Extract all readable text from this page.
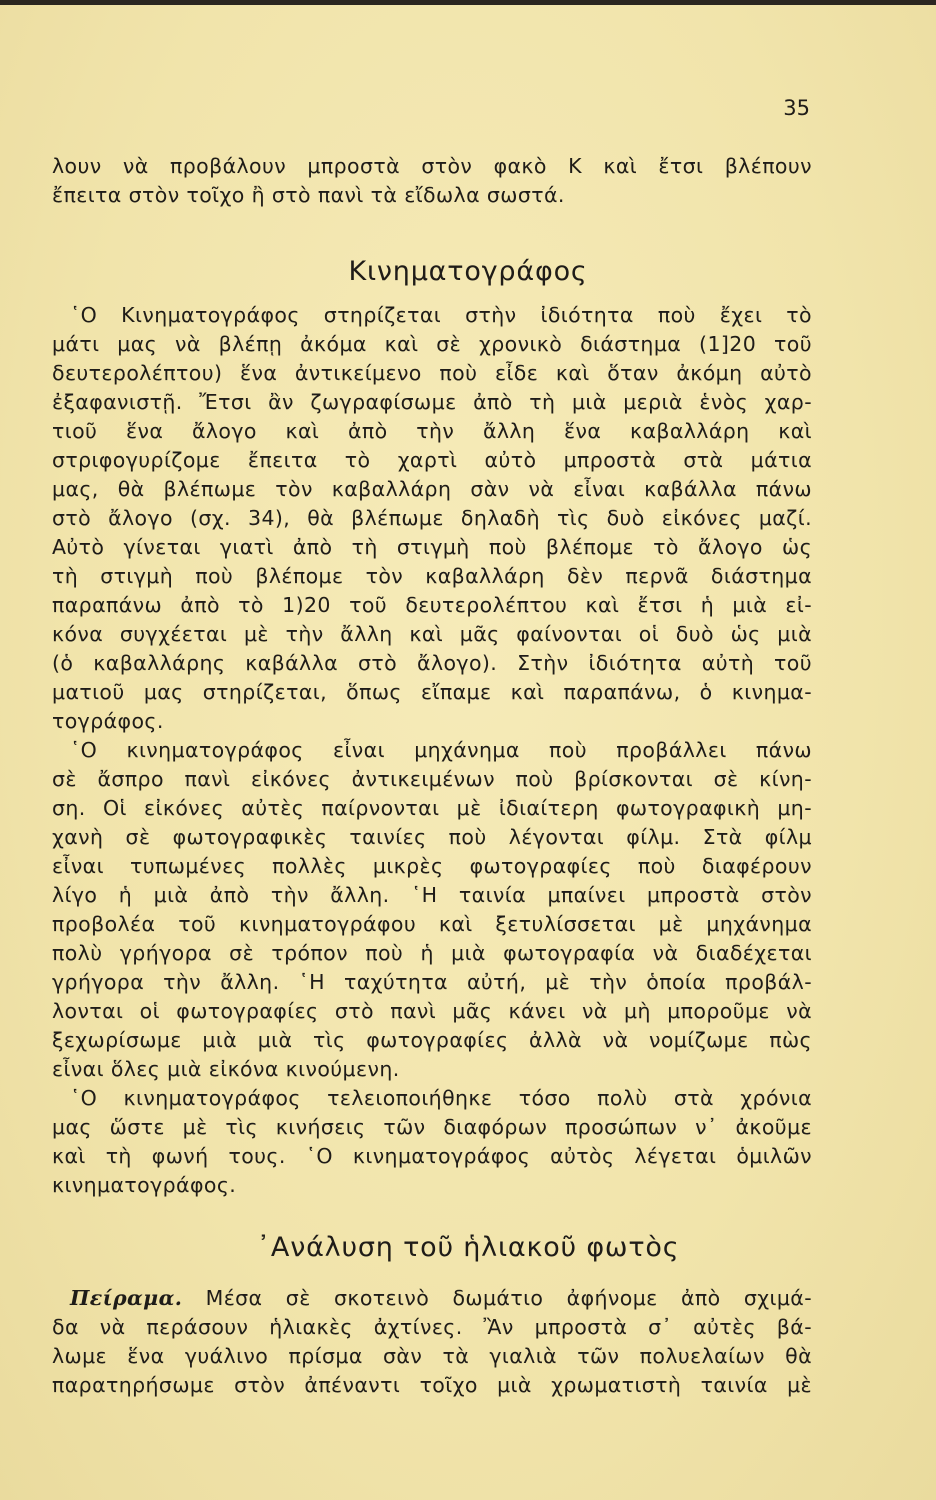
35
λουν νὰ προβάλουν μπροστὰ στὸν φακὸ Κ καὶ ἔτσι βλέπουν
ἔπειτα στὸν τοῖχο ἢ στὸ πανὶ τὰ εἴδωλα σωστά.
Κινηματογράφος
῾Ο Κινηματογράφος στηρίζεται στὴν ἰδιότητα ποὺ ἔχει τὸ
μάτι μας νὰ βλέπῃ ἀκόμα καὶ σὲ χρονικὸ διάστημα (1]20 τοῦ
δευτερολέπτου) ἕνα ἀντικείμενο ποὺ εἶδε καὶ ὅταν ἀκόμη αὐτὸ
ἐξαφανιστῇ. Ἔτσι ἂν ζωγραφίσωμε ἀπὸ τὴ μιὰ μεριὰ ἑνὸς χαρ-
τιοῦ ἕνα ἄλογο καὶ ἀπὸ τὴν ἄλλη ἕνα καβαλλάρη καὶ
στριφογυρίζομε ἔπειτα τὸ χαρτὶ αὐτὸ μπροστὰ στὰ μάτια
μας, θὰ βλέπωμε τὸν καβαλλάρη σὰν νὰ εἶναι καβάλλα πάνω
στὸ ἄλογο (σχ. 34), θὰ βλέπωμε δηλαδὴ τὶς δυὸ εἰκόνες μαζί.
Αὐτὸ γίνεται γιατὶ ἀπὸ τὴ στιγμὴ ποὺ βλέπομε τὸ ἄλογο ὡς
τὴ στιγμὴ ποὺ βλέπομε τὸν καβαλλάρη δὲν περνᾶ διάστημα
παραπάνω ἀπὸ τὸ 1)20 τοῦ δευτερολέπτου καὶ ἔτσι ἡ μιὰ εἰ-
κόνα συγχέεται μὲ τὴν ἄλλη καὶ μᾶς φαίνονται οἱ δυὸ ὡς μιὰ
(ὁ καβαλλάρης καβάλλα στὸ ἄλογο). Στὴν ἰδιότητα αὐτὴ τοῦ
ματιοῦ μας στηρίζεται, ὅπως εἴπαμε καὶ παραπάνω, ὁ κινημα-
τογράφος.
῾Ο κινηματογράφος εἶναι μηχάνημα ποὺ προβάλλει πάνω
σὲ ἄσπρο πανὶ εἰκόνες ἀντικειμένων ποὺ βρίσκονται σὲ κίνη-
ση. Οἱ εἰκόνες αὐτὲς παίρνονται μὲ ἰδιαίτερη φωτογραφικὴ μη-
χανὴ σὲ φωτογραφικὲς ταινίες ποὺ λέγονται φίλμ. Στὰ φίλμ
εἶναι τυπωμένες πολλὲς μικρὲς φωτογραφίες ποὺ διαφέρουν
λίγο ἡ μιὰ ἀπὸ τὴν ἄλλη. ῾Η ταινία μπαίνει μπροστὰ στὸν
προβολέα τοῦ κινηματογράφου καὶ ξετυλίσσεται μὲ μηχάνημα
πολὺ γρήγορα σὲ τρόπον ποὺ ἡ μιὰ φωτογραφία νὰ διαδέχεται
γρήγορα τὴν ἄλλη. ῾Η ταχύτητα αὐτή, μὲ τὴν ὁποία προβάλ-
λονται οἱ φωτογραφίες στὸ πανὶ μᾶς κάνει νὰ μὴ μποροῦμε νὰ
ξεχωρίσωμε μιὰ μιὰ τὶς φωτογραφίες ἀλλὰ νὰ νομίζωμε πὼς
εἶναι ὅλες μιὰ εἰκόνα κινούμενη.
῾Ο κινηματογράφος τελειοποιήθηκε τόσο πολὺ στὰ χρόνια
μας ὥστε μὲ τὶς κινήσεις τῶν διαφόρων προσώπων ν᾽ ἀκοῦμε
καὶ τὴ φωνή τους. ῾Ο κινηματογράφος αὐτὸς λέγεται ὁμιλῶν
κινηματογράφος.
᾽Ανάλυση τοῦ ἡλιακοῦ φωτὸς
Πείραμα. Μέσα σὲ σκοτεινὸ δωμάτιο ἀφήνομε ἀπὸ σχιμά-
δα νὰ περάσουν ἡλιακὲς ἀχτίνες. Ἂν μπροστὰ σ᾽ αὐτὲς βά-
λωμε ἕνα γυάλινο πρίσμα σὰν τὰ γιαλιὰ τῶν πολυελαίων θὰ
παρατηρήσωμε στὸν ἀπέναντι τοῖχο μιὰ χρωματιστὴ ταινία μὲ
